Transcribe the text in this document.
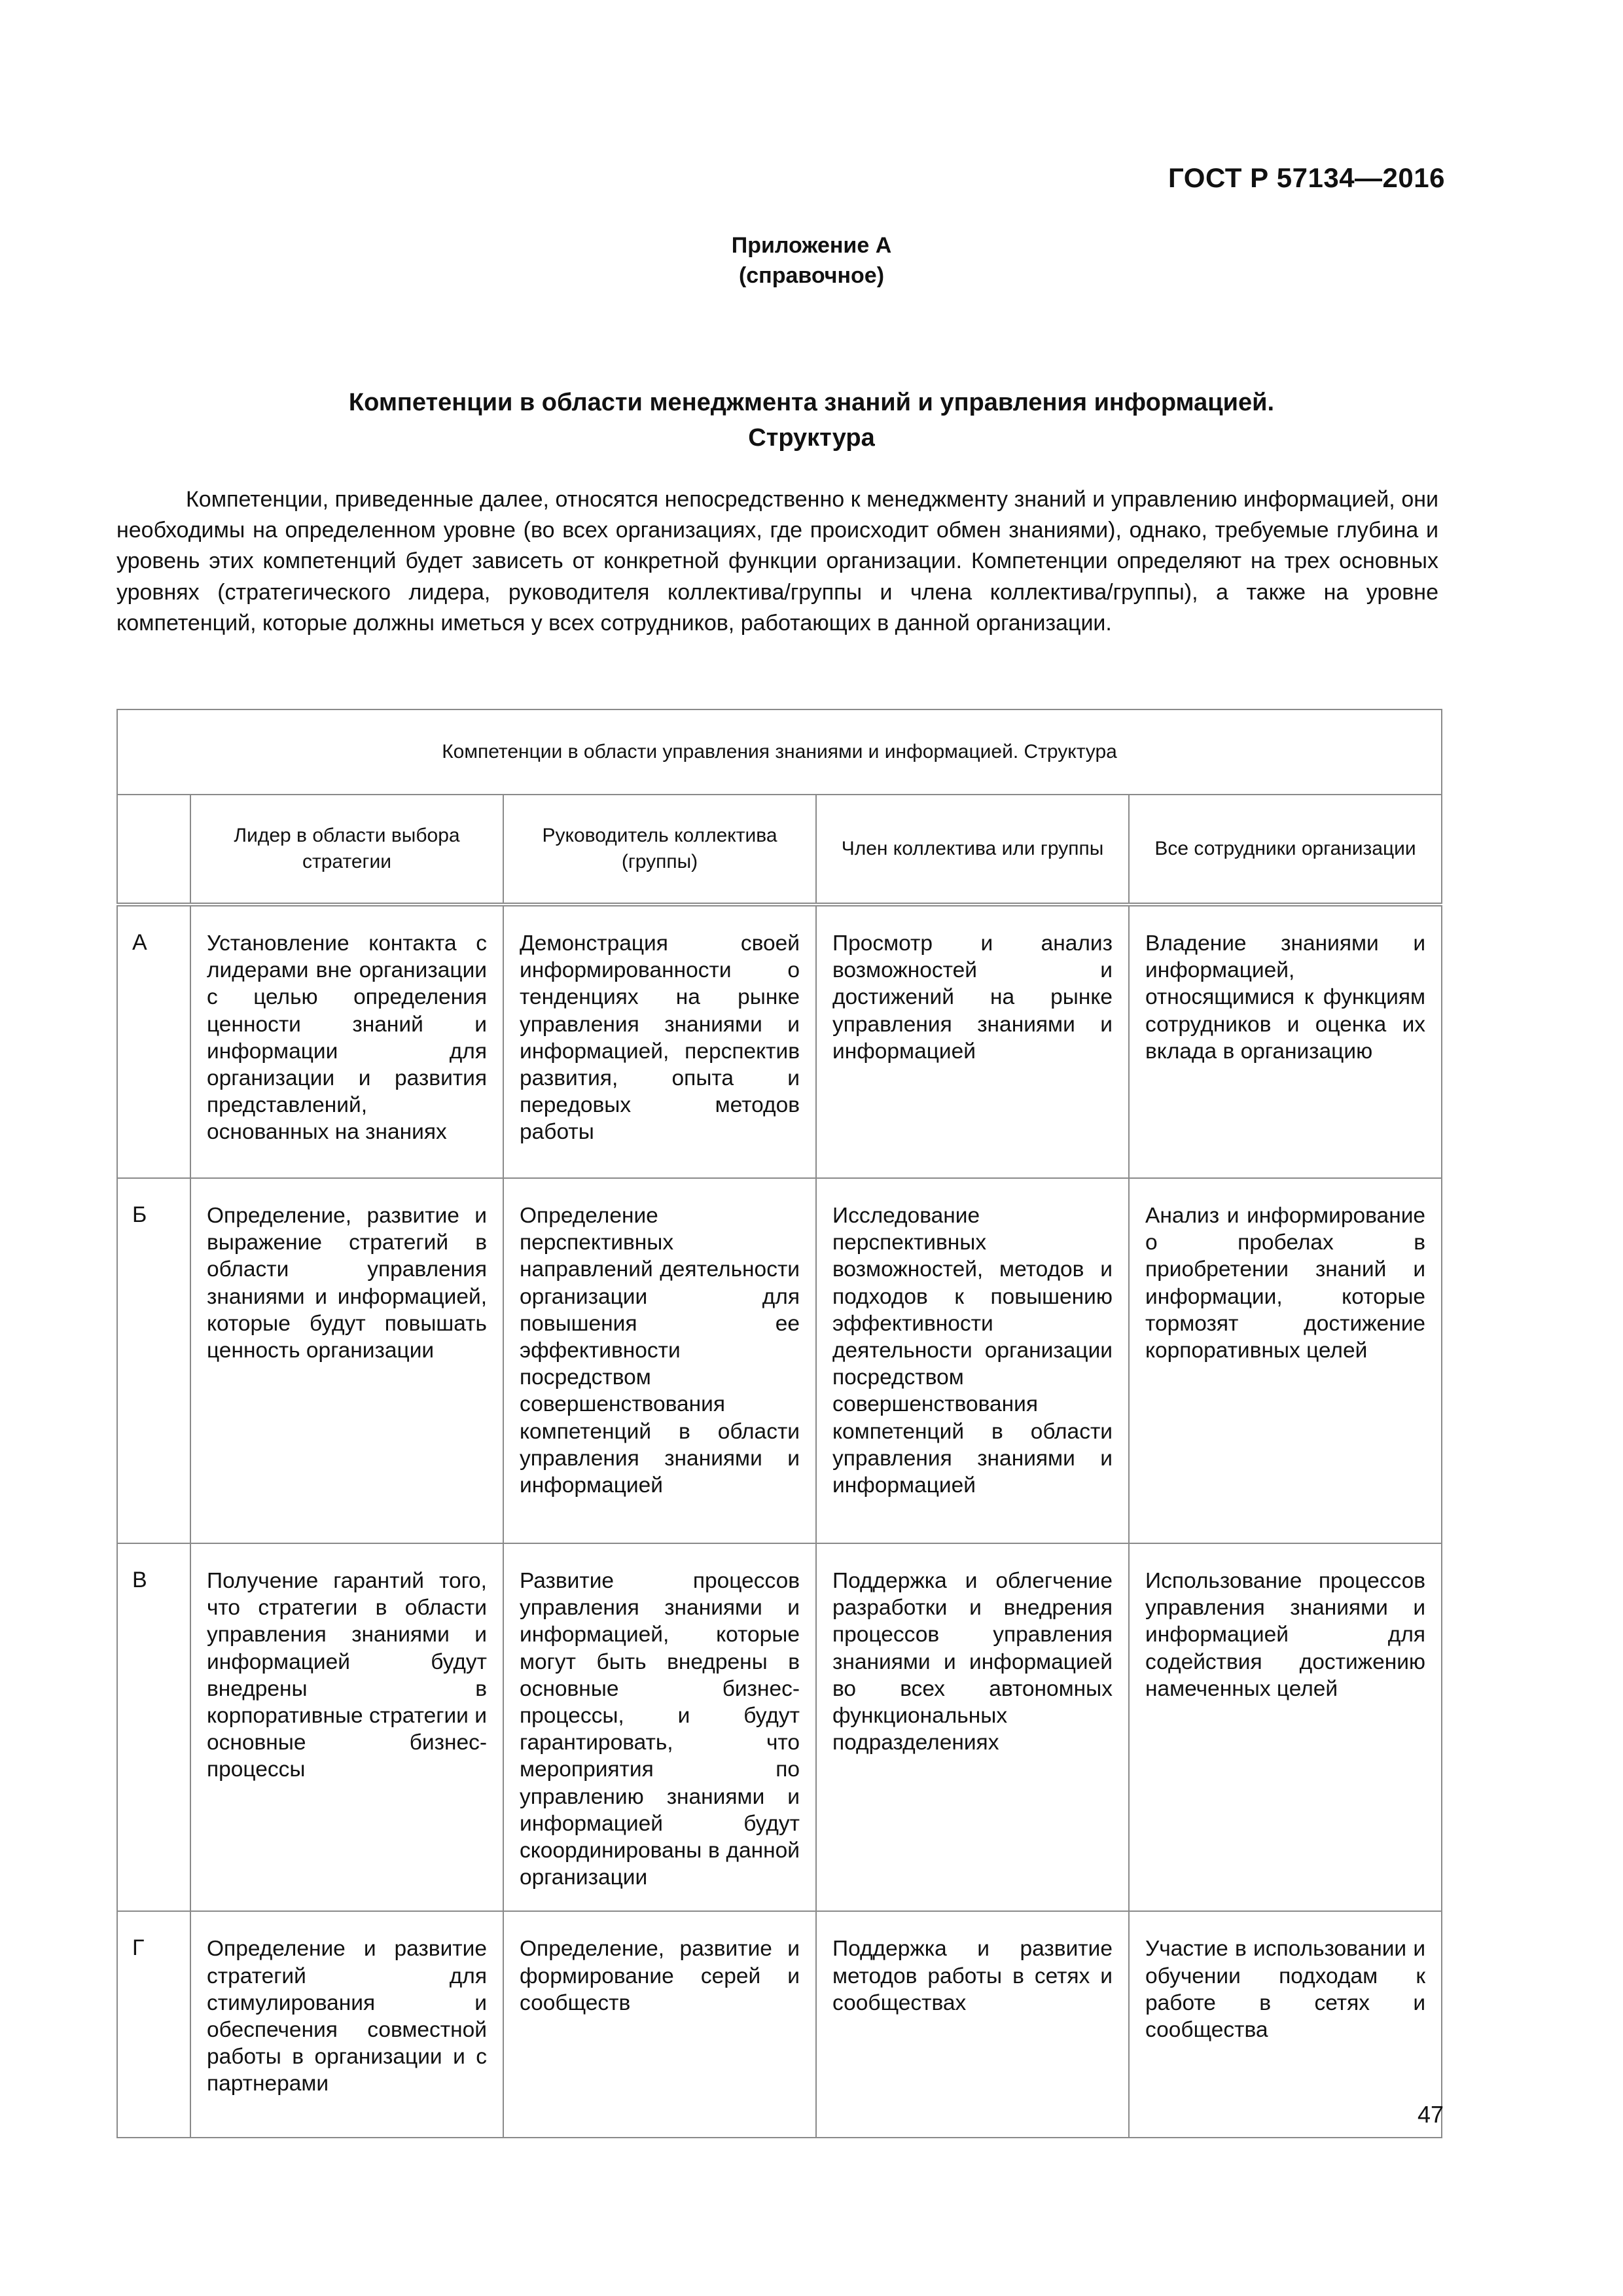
ГОСТ Р 57134—2016
Приложение А
(справочное)
Компетенции в области менеджмента знаний и управления информацией.
Структура

Компетенции, приведенные далее, относятся непосредственно к менеджменту знаний и управлению информацией, они необходимы на определенном уровне (во всех организациях, где происходит обмен знаниями), однако, требуемые глубина и уровень этих компетенций будет зависеть от конкретной функции организации. Компетенции определяют на трех основных уровнях (стратегического лидера, руководителя коллектива/группы и члена коллектива/группы), а также на уровне компетенций, которые должны иметься у всех сотрудников, работающих в данной организации.

Компетенции в области управления знаниями и информацией. Структура				
	Лидер в области выбора стратегии	Руководитель коллектива (группы)	Член коллектива или группы	Все сотрудники организации
А	Установление контакта с лидерами вне организации с целью определения ценности знаний и информации для организации и развития представлений, основанных на знаниях	Демонстрация своей информированности о тенденциях на рынке управления знаниями и информацией, перспектив развития, опыта и передовых методов работы	Просмотр и анализ возможностей и достижений на рынке управления знаниями и информацией	Владение знаниями и информацией, относящимися к функциям сотрудников и оценка их вклада в организацию
Б	Определение, развитие и выражение стратегий в области управления знаниями и информацией, которые будут повышать ценность организации	Определение перспективных направлений деятельности организации для повышения ее эффективности посредством совершенствования компетенций в области управления знаниями и информацией	Исследование перспективных возможностей, методов и подходов к повышению эффективности деятельности организации посредством совершенствования компетенций в области управления знаниями и информацией	Анализ и информирование о пробелах в приобретении знаний и информации, которые тормозят достижение корпоративных целей
В	Получение гарантий того, что стратегии в области управления знаниями и информацией будут внедрены в корпоративные стратегии и основные бизнес-процессы	Развитие процессов управления знаниями и информацией, которые могут быть внедрены в основные бизнес-процессы, и будут гарантировать, что мероприятия по управлению знаниями и информацией будут скоординированы в данной организации	Поддержка и облегчение разработки и внедрения процессов управления знаниями и информацией во всех автономных функциональных подразделениях	Использование процессов управления знаниями и информацией для содействия достижению намеченных целей
Г	Определение и развитие стратегий для стимулирования и обеспечения совместной работы в организации и с партнерами	Определение, развитие и формирование серей и сообществ	Поддержка и развитие методов работы в сетях и сообществах	Участие в использовании и обучении подходам к работе в сетях и сообщества
47
